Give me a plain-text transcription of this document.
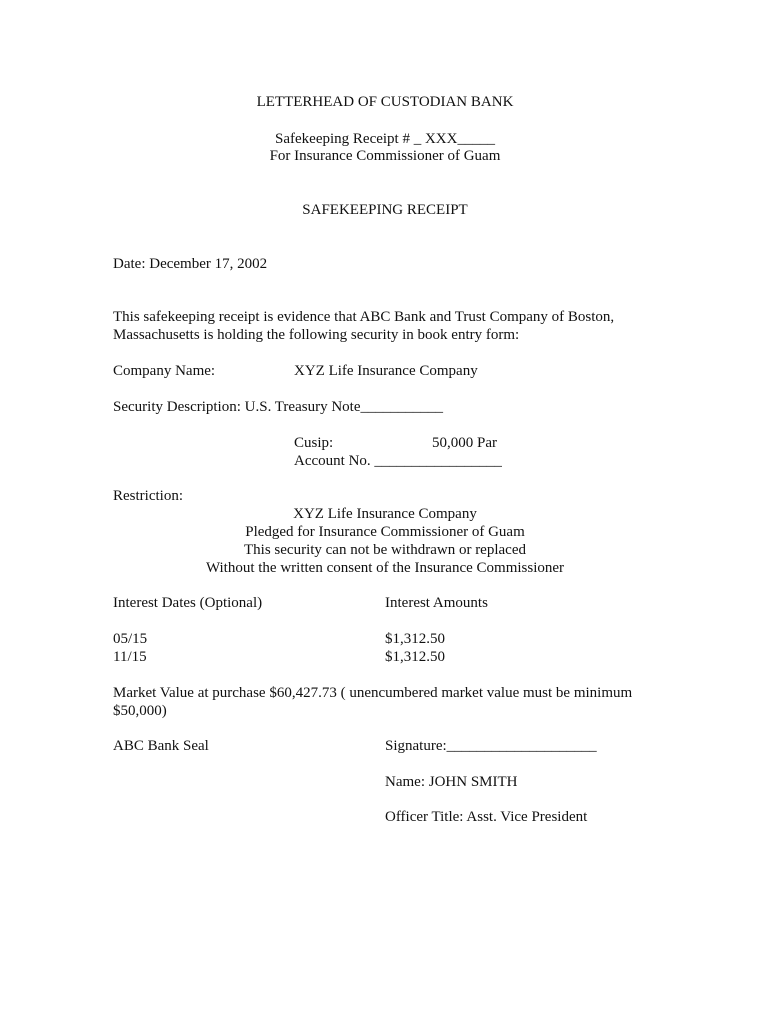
LETTERHEAD OF CUSTODIAN BANK
Safekeeping Receipt # _ XXX_____
For Insurance Commissioner of Guam
SAFEKEEPING RECEIPT
Date: December 17, 2002
This safekeeping receipt is evidence that ABC Bank and Trust Company of Boston,
Massachusetts is holding the following security in book entry form:
Company Name:	XYZ Life Insurance Company
Security Description: U.S. Treasury Note___________
Cusip:	50,000 Par
Account No. _________________
Restriction:
XYZ Life Insurance Company
Pledged for Insurance Commissioner of Guam
This security can not be withdrawn or replaced
Without the written consent of the Insurance Commissioner
Interest Dates (Optional)	Interest Amounts
05/15	$1,312.50
11/15	$1,312.50
Market Value at purchase $60,427.73 ( unencumbered market value must be minimum
$50,000)
ABC Bank Seal	Signature:____________________
Name: JOHN SMITH
Officer Title: Asst. Vice President
